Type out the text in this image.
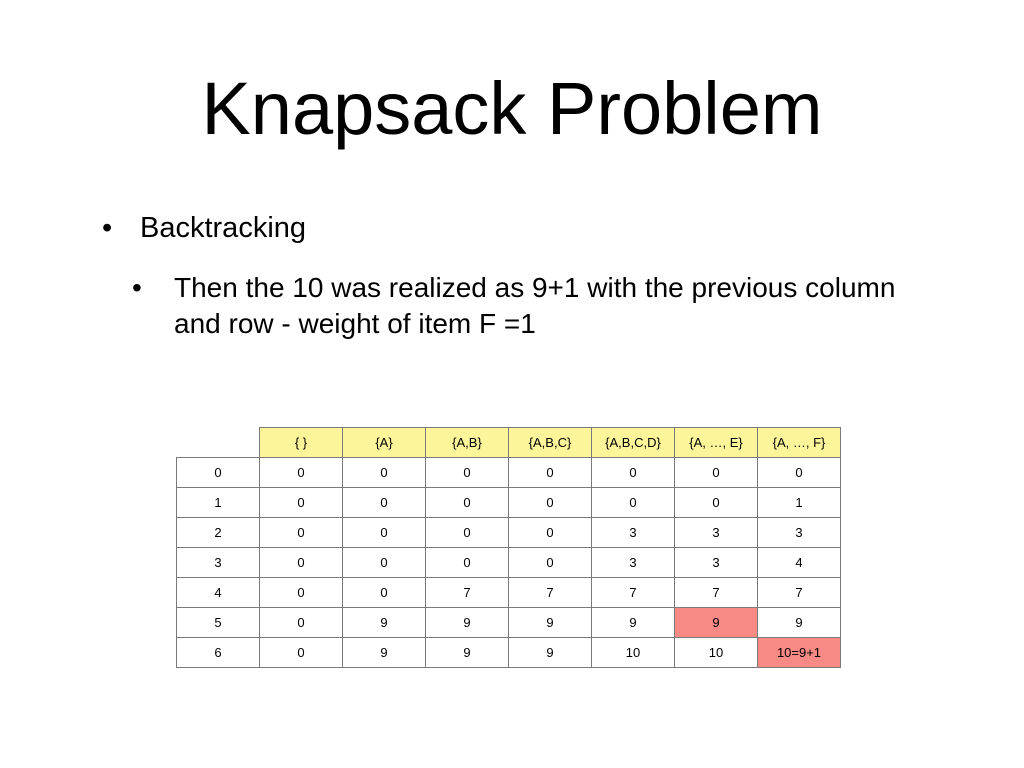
Knapsack Problem
• Backtracking
• Then the 10 was realized as 9+1 with the previous column and row - weight of item F =1
	{ }	{A}	{A,B}	{A,B,C}	{A,B,C,D}	{A, …, E}	{A, …, F}
0	0	0	0	0	0	0	0
1	0	0	0	0	0	0	1
2	0	0	0	0	3	3	3
3	0	0	0	0	3	3	4
4	0	0	7	7	7	7	7
5	0	9	9	9	9	9	9
6	0	9	9	9	10	10	10=9+1
